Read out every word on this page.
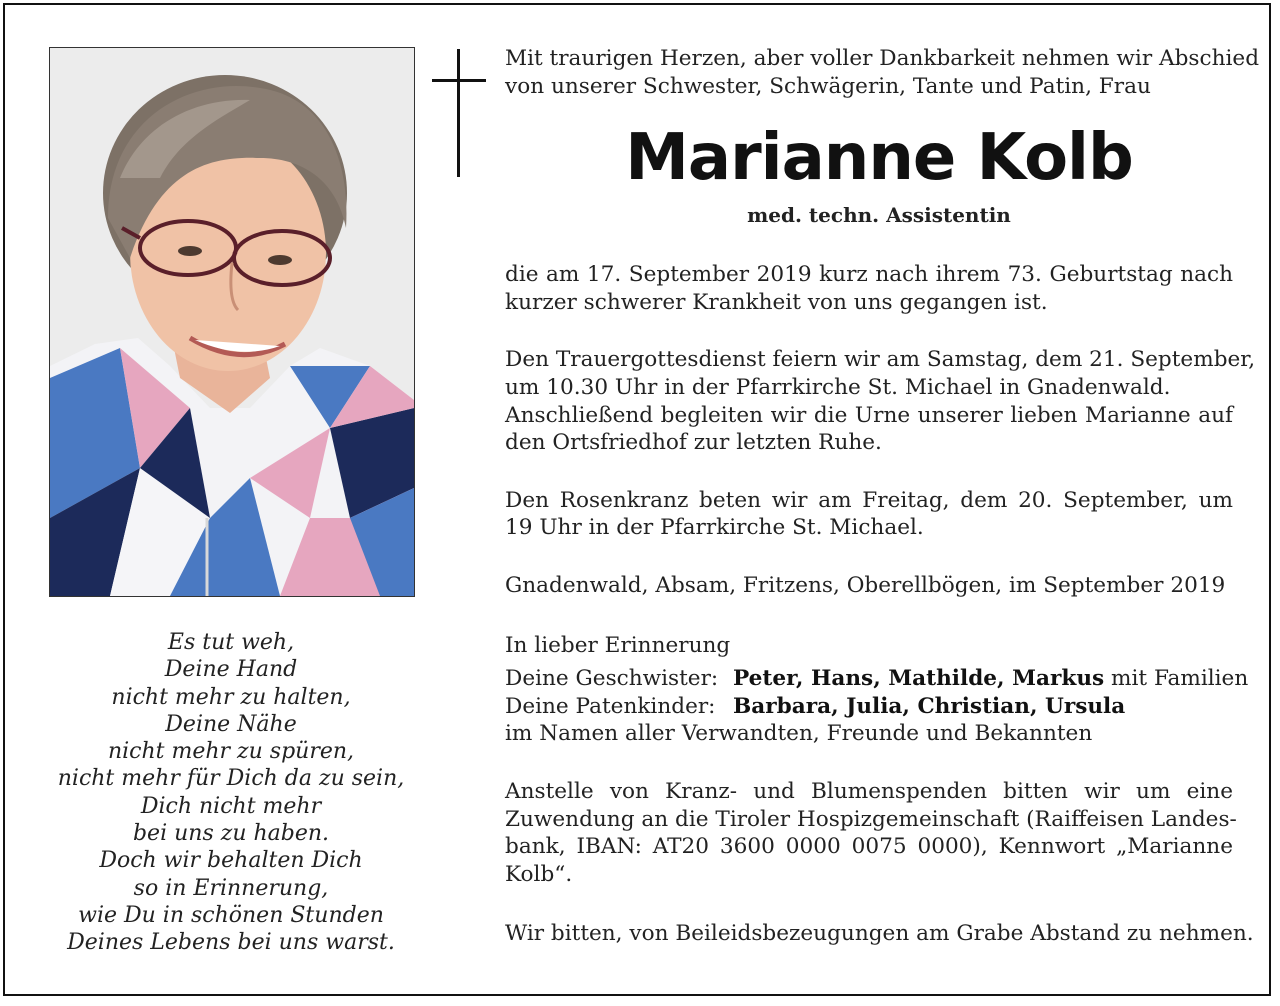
Es tut weh,
Deine Hand
nicht mehr zu halten,
Deine Nähe
nicht mehr zu spüren,
nicht mehr für Dich da zu sein,
Dich nicht mehr
bei uns zu haben.
Doch wir behalten Dich
so in Erinnerung,
wie Du in schönen Stunden
Deines Lebens bei uns warst.
Mit traurigen Herzen, aber voller Dankbarkeit nehmen wir Abschied
von unserer Schwester, Schwägerin, Tante und Patin, Frau
Marianne Kolb
med. techn. Assistentin
die am 17. September 2019 kurz nach ihrem 73. Geburtstag nach
kurzer schwerer Krankheit von uns gegangen ist.
Den Trauergottesdienst feiern wir am Samstag, dem 21. September,
um 10.30 Uhr in der Pfarrkirche St. Michael in Gnadenwald.
Anschließend begleiten wir die Urne unserer lieben Marianne auf
den Ortsfriedhof zur letzten Ruhe.
Den Rosenkranz beten wir am Freitag, dem 20. September, um
19 Uhr in der Pfarrkirche St. Michael.
Gnadenwald, Absam, Fritzens, Oberellbögen, im September 2019
In lieber Erinnerung
Deine Geschwister: Peter, Hans, Mathilde, Markus mit Familien
Deine Patenkinder: Barbara, Julia, Christian, Ursula
im Namen aller Verwandten, Freunde und Bekannten
Anstelle von Kranz- und Blumenspenden bitten wir um eine
Zuwendung an die Tiroler Hospizgemeinschaft (Raiffeisen Landes-
bank, IBAN: AT20 3600 0000 0075 0000), Kennwort „Marianne
Kolb“.
Wir bitten, von Beileidsbezeugungen am Grabe Abstand zu nehmen.
